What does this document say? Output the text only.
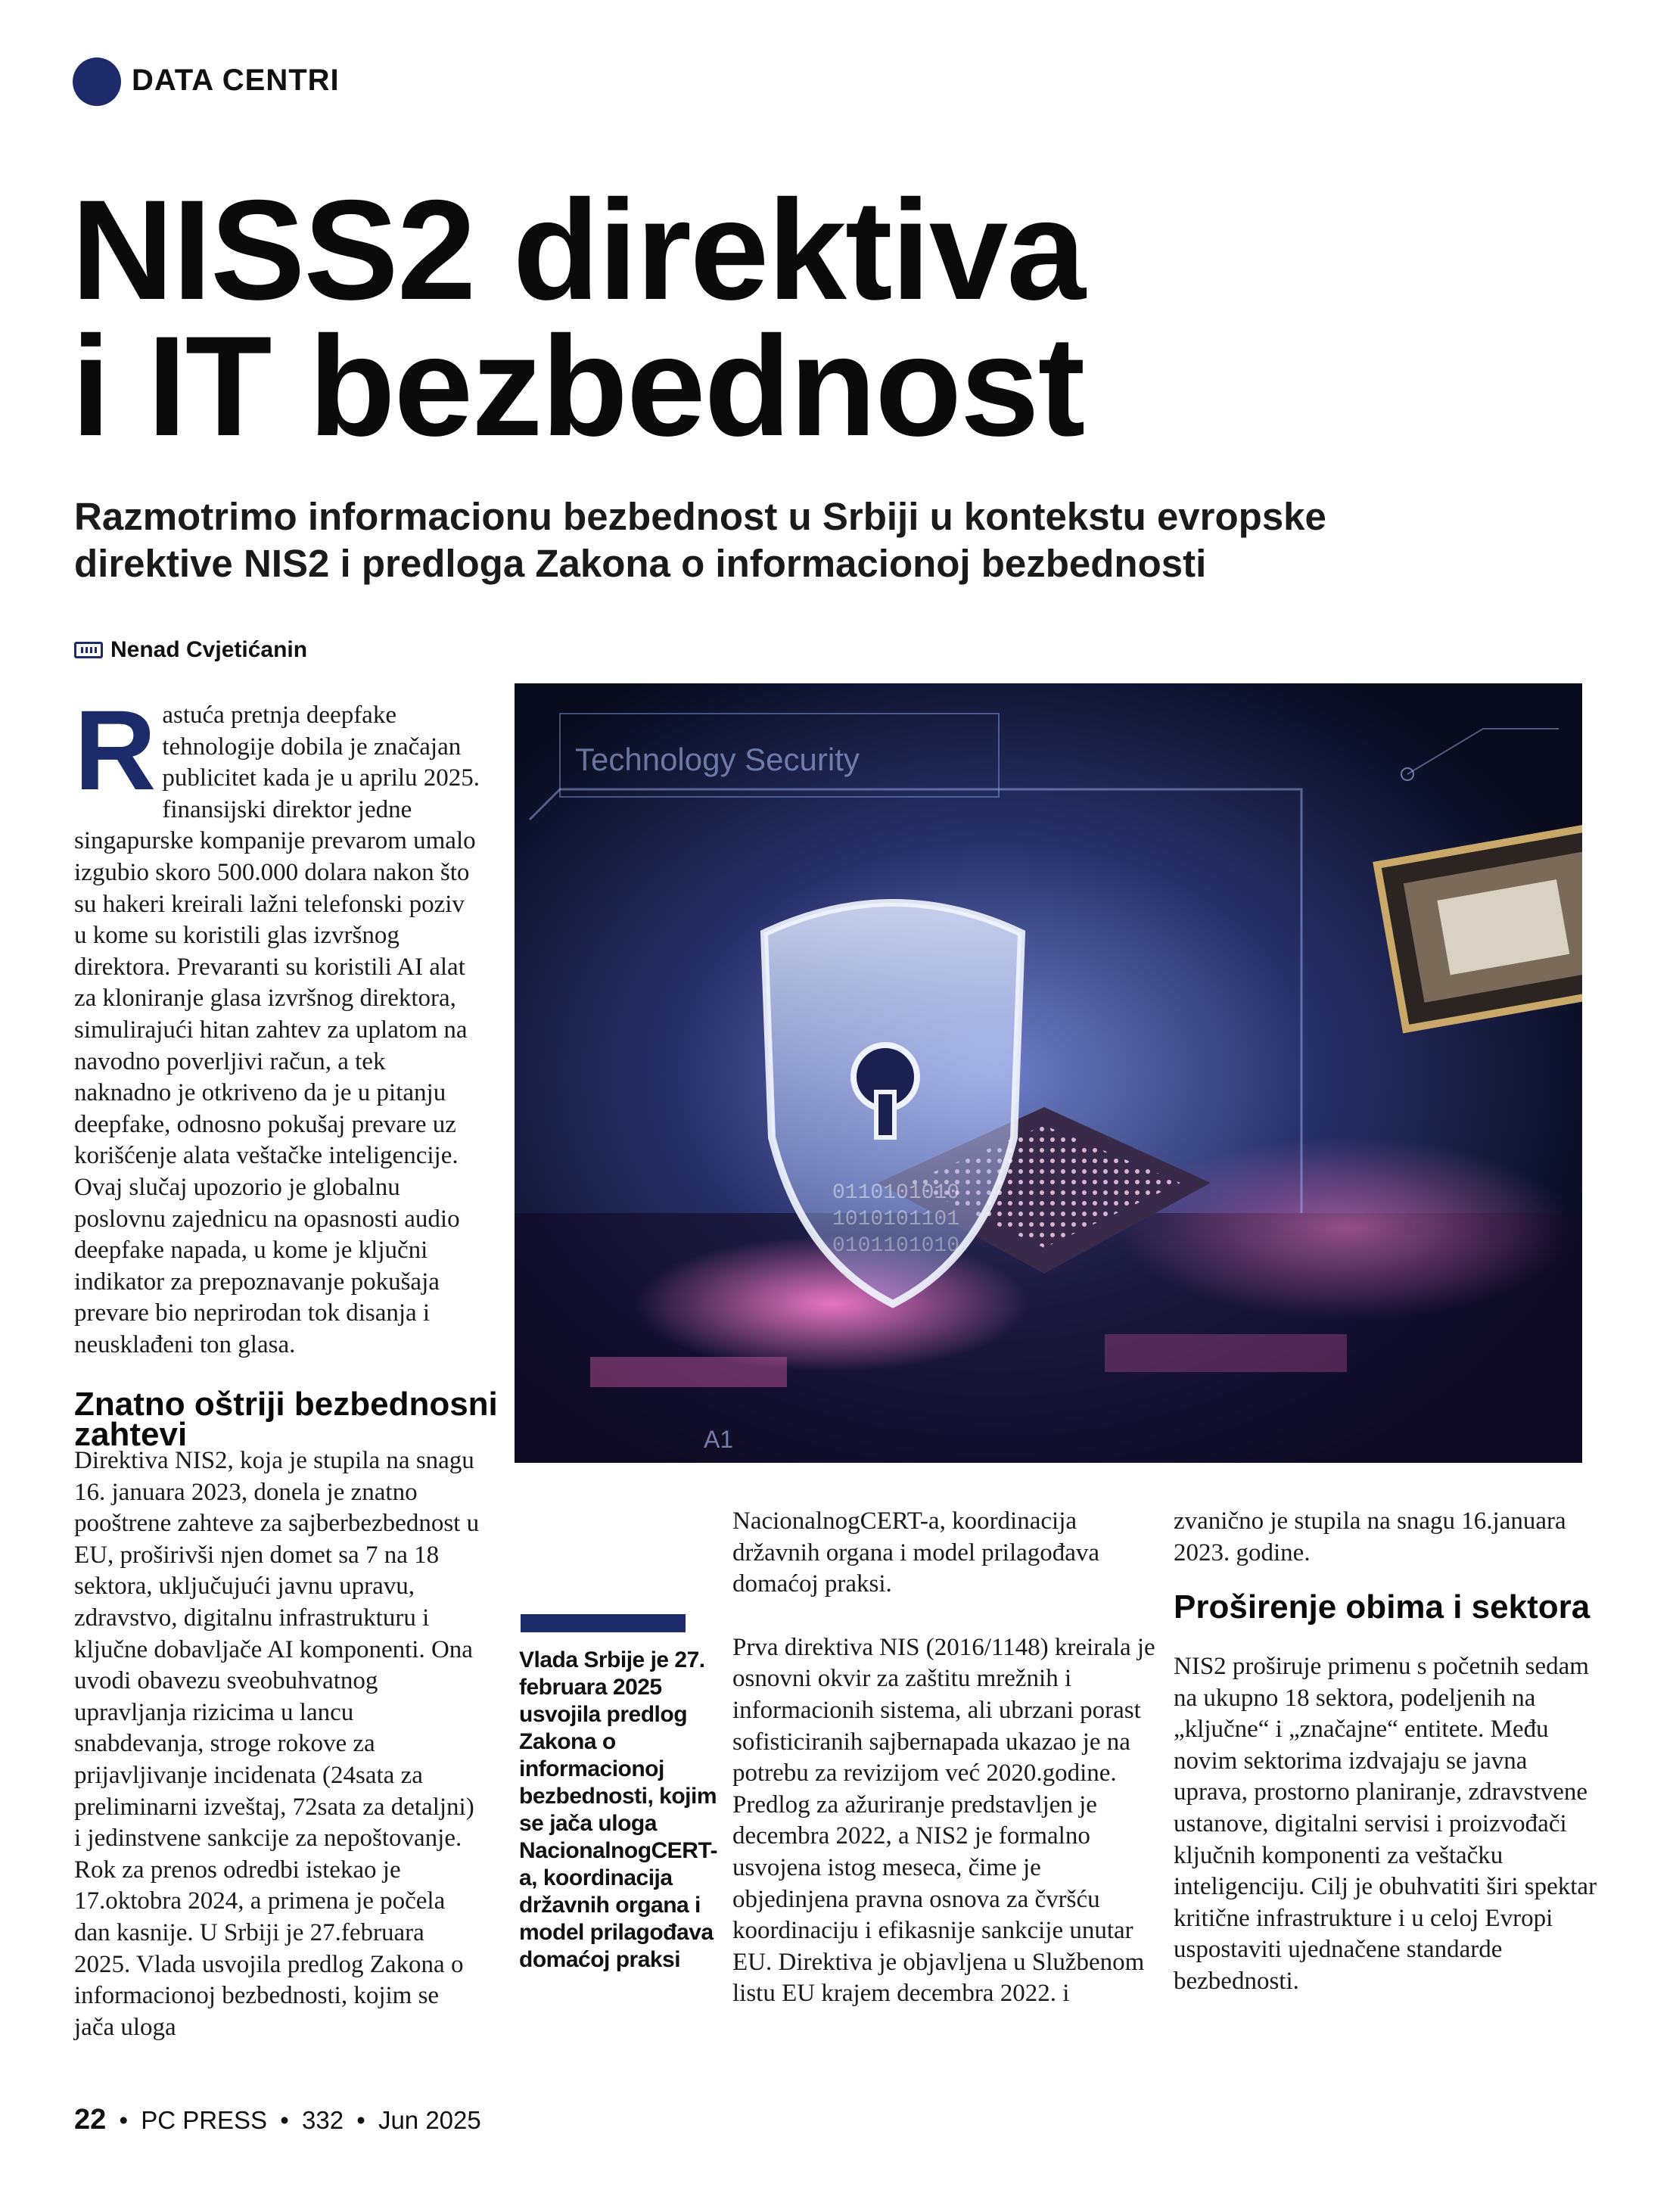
DATA CENTRI
NISS2 direktiva
i IT bezbednost
Razmotrimo informacionu bezbednost u Srbiji u kontekstu evropske
direktive NIS2 i predloga Zakona o informacionoj bezbednosti
Nenad Cvjetićanin
Rastuća pretnja deepfake tehnologije dobila je značajan publicitet kada je u aprilu 2025. finansijski direktor jedne singapurske kompanije prevarom umalo izgubio skoro 500.000 dolara nakon što su hakeri kreirali lažni telefonski poziv u kome su koristili glas izvršnog direktora. Prevaranti su koristili AI alat za kloniranje glasa izvršnog direktora, simulirajući hitan zahtev za uplatom na navodno poverljivi račun, a tek naknadno je otkriveno da je u pitanju deepfake, odnosno pokušaj prevare uz korišćenje alata veštačke inteligencije. Ovaj slučaj upozorio je globalnu poslovnu zajednicu na opasnosti audio deepfake napada, u kome je ključni indikator za prepoznavanje pokušaja prevare bio neprirodan tok disanja i neusklađeni ton glasa.
Znatno oštriji bezbednosni zahtevi
Direktiva NIS2, koja je stupila na snagu 16. januara 2023, donela je znatno pooštrene zahteve za sajberbezbednost u EU, proširivši njen domet sa 7 na 18 sektora, uključujući javnu upravu, zdravstvo, digitalnu infrastrukturu i ključne dobavljače AI komponenti. Ona uvodi obavezu sveobuhvatnog upravljanja rizicima u lancu snabdevanja, stroge rokove za prijavljivanje incidenata (24sata za preliminarni izveštaj, 72sata za detaljni) i jedinstvene sankcije za nepoštovanje. Rok za prenos odredbi istekao je 17.oktobra 2024, a primena je počela dan kasnije. U Srbiji je 27.februara 2025. Vlada usvojila predlog Zakona o informacionoj bezbednosti, kojim se jača uloga
Technology Security
0110101010
1010101101
0101101010
A1
Vlada Srbije je 27. februara 2025 usvojila predlog Zakona o informacionoj bezbednosti, kojim se jača uloga NacionalnogCERT-a, koordinacija državnih organa i model prilagođava domaćoj praksi

NacionalnogCERT-a, koordinacija državnih organa i model prilagođava domaćoj praksi.

Prva direktiva NIS (2016/1148) kreirala je osnovni okvir za zaštitu mrežnih i informacionih sistema, ali ubrzani porast sofisticiranih sajbernapada ukazao je na potrebu za revizijom već 2020.godine. Predlog za ažuriranje predstavljen je decembra 2022, a NIS2 je formalno usvojena istog meseca, čime je objedinjena pravna osnova za čvršću koordinaciju i efikasnije sankcije unutar EU. Direktiva je objavljena u Službenom listu EU krajem decembra 2022. i

zvanično je stupila na snagu 16.januara 2023. godine.
Proširenje obima i sektora
NIS2 proširuje primenu s početnih sedam na ukupno 18 sektora, podeljenih na „ključne“ i „značajne“ entitete. Među novim sektorima izdvajaju se javna uprava, prostorno planiranje, zdravstvene ustanove, digitalni servisi i proizvođači ključnih komponenti za veštačku inteligenciju. Cilj je obuhvatiti širi spektar kritične infrastrukture i u celoj Evropi uspostaviti ujednačene standarde bezbednosti.
22 • PC PRESS • 332 • Jun 2025
